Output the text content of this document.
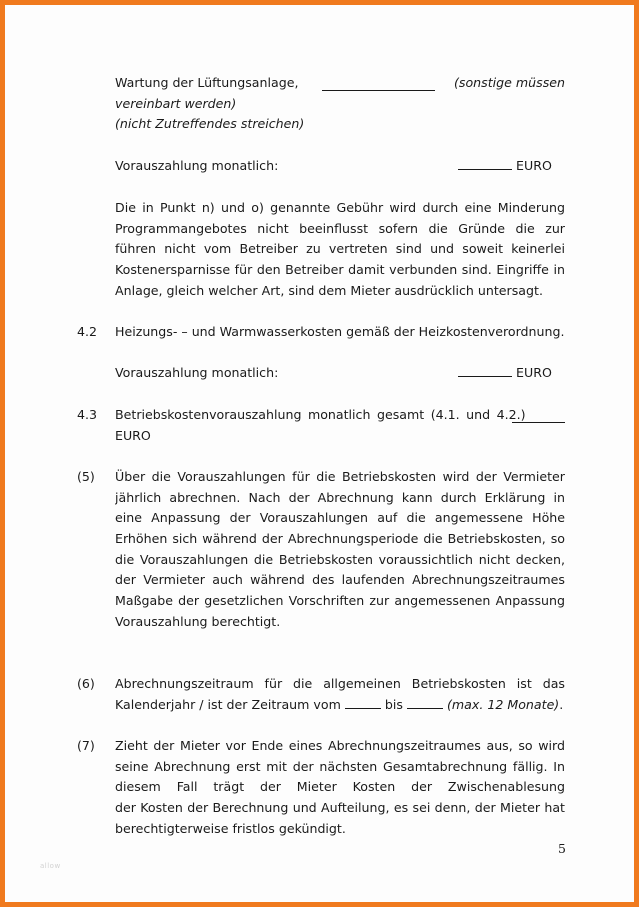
Wartung der Lüftungsanlage,	(sonstige müssen
vereinbart werden)
(nicht Zutreffendes streichen)
Vorauszahlung monatlich:	EURO
Die in Punkt n) und o) genannte Gebühr wird durch eine Minderung
Programmangebotes nicht beeinflusst sofern die Gründe die zur
führen nicht vom Betreiber zu vertreten sind und soweit keinerlei
Kostenersparnisse für den Betreiber damit verbunden sind. Eingriffe in
Anlage, gleich welcher Art, sind dem Mieter ausdrücklich untersagt.
4.2 Heizungs- – und Warmwasserkosten gemäß der Heizkostenverordnung.
Vorauszahlung monatlich:	EURO
4.3 Betriebskostenvorauszahlung monatlich gesamt (4.1. und 4.2.)
EURO
(5) Über die Vorauszahlungen für die Betriebskosten wird der Vermieter
jährlich abrechnen. Nach der Abrechnung kann durch Erklärung in
eine Anpassung der Vorauszahlungen auf die angemessene Höhe
Erhöhen sich während der Abrechnungsperiode die Betriebskosten, so
die Vorauszahlungen die Betriebskosten voraussichtlich nicht decken,
der Vermieter auch während des laufenden Abrechnungszeitraumes
Maßgabe der gesetzlichen Vorschriften zur angemessenen Anpassung
Vorauszahlung berechtigt.
(6) Abrechnungszeitraum für die allgemeinen Betriebskosten ist das
Kalenderjahr / ist der Zeitraum vom	bis	(max. 12 Monate).
(7) Zieht der Mieter vor Ende eines Abrechnungszeitraumes aus, so wird
seine Abrechnung erst mit der nächsten Gesamtabrechnung fällig. In
diesem Fall trägt der Mieter Kosten der Zwischenablesung
der Kosten der Berechnung und Aufteilung, es sei denn, der Mieter hat
berechtigterweise fristlos gekündigt.
5
allow
